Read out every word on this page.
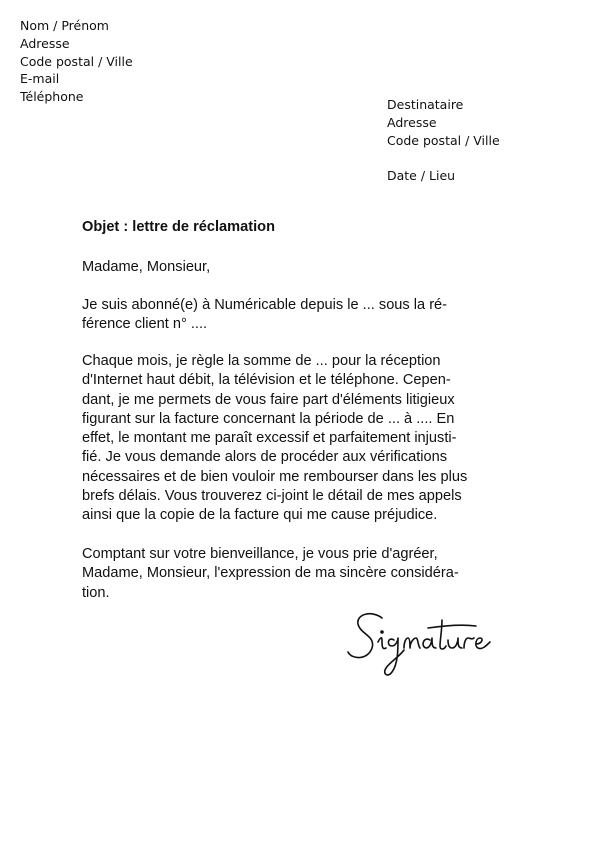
Nom / Prénom
Adresse
Code postal / Ville
E-mail
Téléphone
Destinataire
Adresse
Code postal / Ville
Date / Lieu
Objet : lettre de réclamation
Madame, Monsieur,
Je suis abonné(e) à Numéricable depuis le ... sous la ré-
férence client n° ....
Chaque mois, je règle la somme de ... pour la réception
d'Internet haut débit, la télévision et le téléphone. Cepen-
dant, je me permets de vous faire part d'éléments litigieux
figurant sur la facture concernant la période de ... à .... En
effet, le montant me paraît excessif et parfaitement injusti-
fié. Je vous demande alors de procéder aux vérifications
nécessaires et de bien vouloir me rembourser dans les plus
brefs délais. Vous trouverez ci-joint le détail de mes appels
ainsi que la copie de la facture qui me cause préjudice.
Comptant sur votre bienveillance, je vous prie d'agréer,
Madame, Monsieur, l'expression de ma sincère considéra-
tion.
